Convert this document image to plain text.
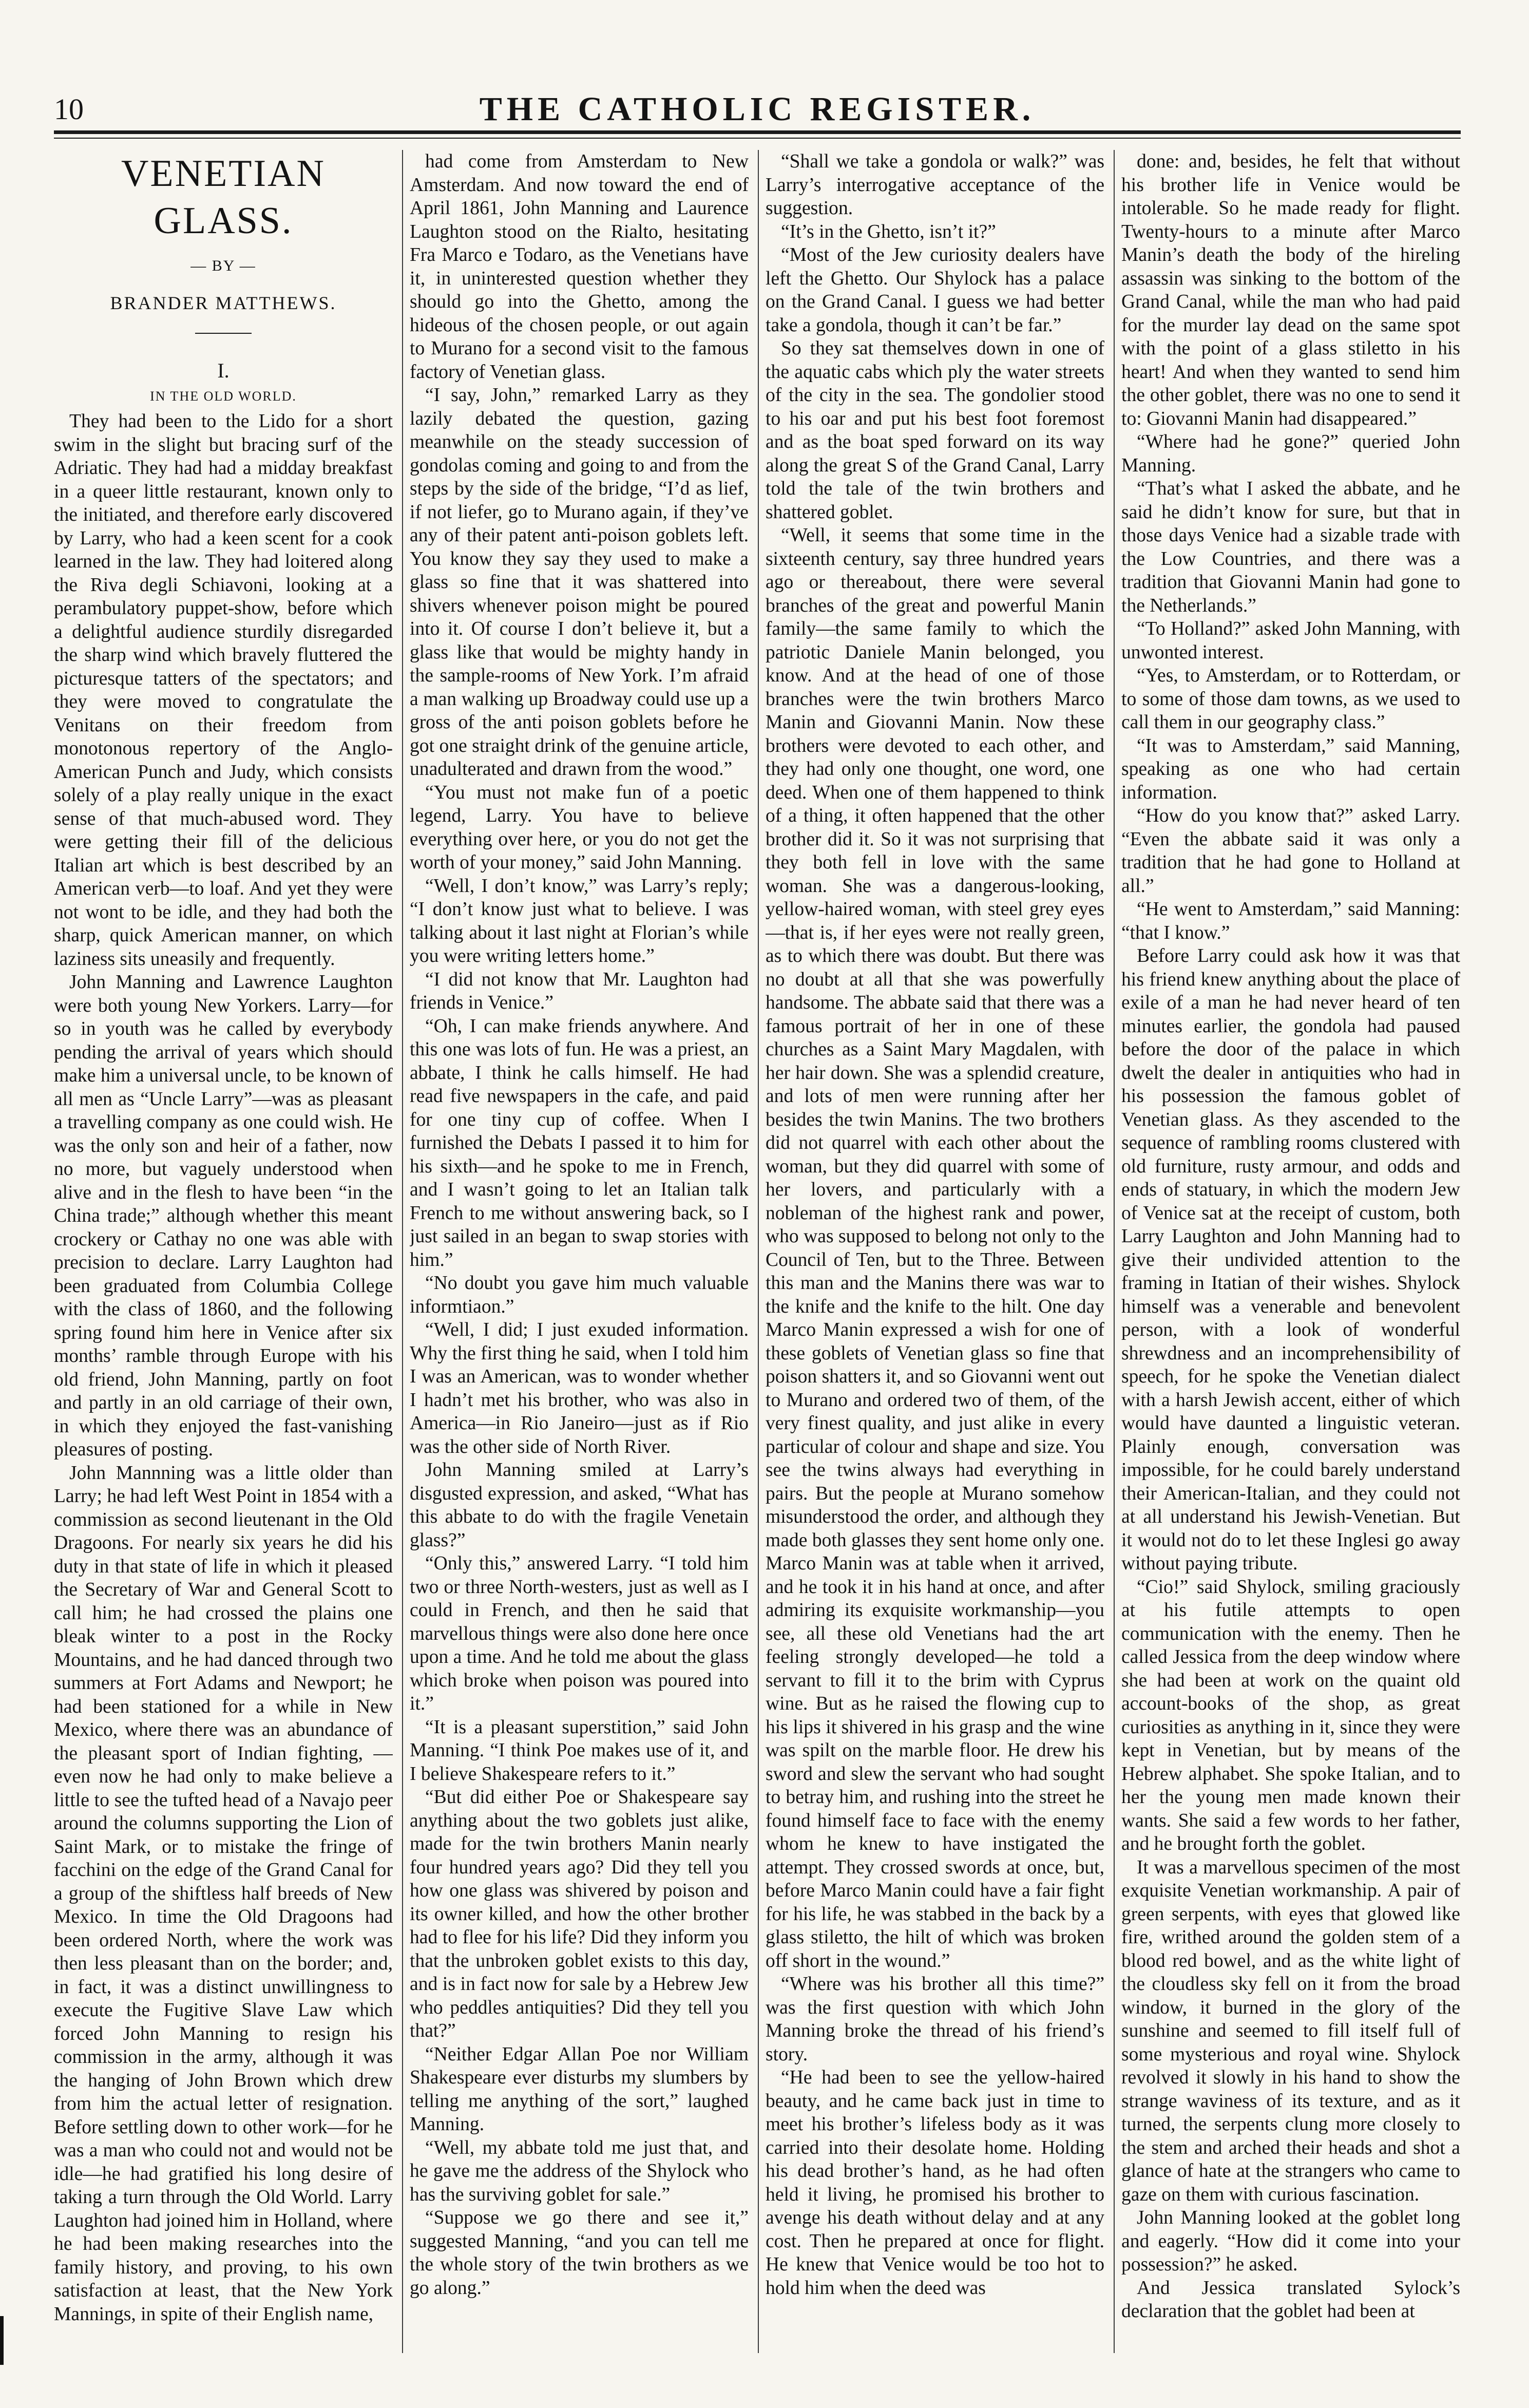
10	THE CATHOLIC REGISTER.
VENETIAN GLASS.
— BY —
BRANDER MATTHEWS.
I.
IN THE OLD WORLD.

They had been to the Lido for a short swim in the slight but bracing surf of the Adriatic. They had had a midday breakfast in a queer little restaurant, known only to the initiated, and therefore early discovered by Larry, who had a keen scent for a cook learned in the law. They had loitered along the Riva degli Schiavoni, looking at a perambulatory puppet-show, before which a delightful audience sturdily disregarded the sharp wind which bravely fluttered the picturesque tatters of the spectators; and they were moved to congratulate the Venitans on their freedom from monotonous repertory of the Anglo-American Punch and Judy, which consists solely of a play really unique in the exact sense of that much-abused word. They were getting their fill of the delicious Italian art which is best described by an American verb—to loaf. And yet they were not wont to be idle, and they had both the sharp, quick American manner, on which laziness sits uneasily and frequently.

John Manning and Lawrence Laughton were both young New Yorkers. Larry—for so in youth was he called by everybody pending the arrival of years which should make him a universal uncle, to be known of all men as “Uncle Larry”—was as pleasant a travelling company as one could wish. He was the only son and heir of a father, now no more, but vaguely understood when alive and in the flesh to have been “in the China trade;” although whether this meant crockery or Cathay no one was able with precision to declare. Larry Laughton had been graduated from Columbia College with the class of 1860, and the following spring found him here in Venice after six months’ ramble through Europe with his old friend, John Manning, partly on foot and partly in an old carriage of their own, in which they enjoyed the fast-vanishing pleasures of posting.

John Mannning was a little older than Larry; he had left West Point in 1854 with a commission as second lieutenant in the Old Dragoons. For nearly six years he did his duty in that state of life in which it pleased the Secretary of War and General Scott to call him; he had crossed the plains one bleak winter to a post in the Rocky Mountains, and he had danced through two summers at Fort Adams and Newport; he had been stationed for a while in New Mexico, where there was an abundance of the pleasant sport of Indian fighting, —even now he had only to make believe a little to see the tufted head of a Navajo peer around the columns supporting the Lion of Saint Mark, or to mistake the fringe of facchini on the edge of the Grand Canal for a group of the shiftless half breeds of New Mexico. In time the Old Dragoons had been ordered North, where the work was then less pleasant than on the border; and, in fact, it was a distinct unwillingness to execute the Fugitive Slave Law which forced John Manning to resign his commission in the army, although it was the hanging of John Brown which drew from him the actual letter of resignation. Before settling down to other work—for he was a man who could not and would not be idle—he had gratified his long desire of taking a turn through the Old World. Larry Laughton had joined him in Holland, where he had been making researches into the family history, and proving, to his own satisfaction at least, that the New York Mannings, in spite of their English name,

had come from Amsterdam to New Amsterdam. And now toward the end of April 1861, John Manning and Laurence Laughton stood on the Rialto, hesitating Fra Marco e Todaro, as the Venetians have it, in uninterested question whether they should go into the Ghetto, among the hideous of the chosen people, or out again to Murano for a second visit to the famous factory of Venetian glass.

“I say, John,” remarked Larry as they lazily debated the question, gazing meanwhile on the steady succession of gondolas coming and going to and from the steps by the side of the bridge, “I’d as lief, if not liefer, go to Murano again, if they’ve any of their patent anti-poison goblets left. You know they say they used to make a glass so fine that it was shattered into shivers whenever poison might be poured into it. Of course I don’t believe it, but a glass like that would be mighty handy in the sample-rooms of New York. I’m afraid a man walking up Broadway could use up a gross of the anti poison goblets before he got one straight drink of the genuine article, unadulterated and drawn from the wood.”

“You must not make fun of a poetic legend, Larry. You have to believe everything over here, or you do not get the worth of your money,” said John Manning.

“Well, I don’t know,” was Larry’s reply; “I don’t know just what to believe. I was talking about it last night at Florian’s while you were writing letters home.”

“I did not know that Mr. Laughton had friends in Venice.”

“Oh, I can make friends anywhere. And this one was lots of fun. He was a priest, an abbate, I think he calls himself. He had read five newspapers in the cafe, and paid for one tiny cup of coffee. When I furnished the Debats I passed it to him for his sixth—and he spoke to me in French, and I wasn’t going to let an Italian talk French to me without answering back, so I just sailed in an began to swap stories with him.”

“No doubt you gave him much valuable informtiaon.”

“Well, I did; I just exuded information. Why the first thing he said, when I told him I was an American, was to wonder whether I hadn’t met his brother, who was also in America—in Rio Janeiro—just as if Rio was the other side of North River.

John Manning smiled at Larry’s disgusted expression, and asked, “What has this abbate to do with the fragile Venetain glass?”

“Only this,” answered Larry. “I told him two or three North-westers, just as well as I could in French, and then he said that marvellous things were also done here once upon a time. And he told me about the glass which broke when poison was poured into it.”

“It is a pleasant superstition,” said John Manning. “I think Poe makes use of it, and I believe Shakespeare refers to it.”

“But did either Poe or Shakespeare say anything about the two goblets just alike, made for the twin brothers Manin nearly four hundred years ago? Did they tell you how one glass was shivered by poison and its owner killed, and how the other brother had to flee for his life? Did they inform you that the unbroken goblet exists to this day, and is in fact now for sale by a Hebrew Jew who peddles antiquities? Did they tell you that?”

“Neither Edgar Allan Poe nor William Shakespeare ever disturbs my slumbers by telling me anything of the sort,” laughed Manning.

“Well, my abbate told me just that, and he gave me the address of the Shylock who has the surviving goblet for sale.”

“Suppose we go there and see it,” suggested Manning, “and you can tell me the whole story of the twin brothers as we go along.”

“Shall we take a gondola or walk?” was Larry’s interrogative acceptance of the suggestion.

“It’s in the Ghetto, isn’t it?”

“Most of the Jew curiosity dealers have left the Ghetto. Our Shylock has a palace on the Grand Canal. I guess we had better take a gondola, though it can’t be far.”

So they sat themselves down in one of the aquatic cabs which ply the water streets of the city in the sea. The gondolier stood to his oar and put his best foot foremost and as the boat sped forward on its way along the great S of the Grand Canal, Larry told the tale of the twin brothers and shattered goblet.

“Well, it seems that some time in the sixteenth century, say three hundred years ago or thereabout, there were several branches of the great and powerful Manin family—the same family to which the patriotic Daniele Manin belonged, you know. And at the head of one of those branches were the twin brothers Marco Manin and Giovanni Manin. Now these brothers were devoted to each other, and they had only one thought, one word, one deed. When one of them happened to think of a thing, it often happened that the other brother did it. So it was not surprising that they both fell in love with the same woman. She was a dangerous-looking, yellow-haired woman, with steel grey eyes—that is, if her eyes were not really green, as to which there was doubt. But there was no doubt at all that she was powerfully handsome. The abbate said that there was a famous portrait of her in one of these churches as a Saint Mary Magdalen, with her hair down. She was a splendid creature, and lots of men were running after her besides the twin Manins. The two brothers did not quarrel with each other about the woman, but they did quarrel with some of her lovers, and particularly with a nobleman of the highest rank and power, who was supposed to belong not only to the Council of Ten, but to the Three. Between this man and the Manins there was war to the knife and the knife to the hilt. One day Marco Manin expressed a wish for one of these goblets of Venetian glass so fine that poison shatters it, and so Giovanni went out to Murano and ordered two of them, of the very finest quality, and just alike in every particular of colour and shape and size. You see the twins always had everything in pairs. But the people at Murano somehow misunderstood the order, and although they made both glasses they sent home only one. Marco Manin was at table when it arrived, and he took it in his hand at once, and after admiring its exquisite workmanship—you see, all these old Venetians had the art feeling strongly developed—he told a servant to fill it to the brim with Cyprus wine. But as he raised the flowing cup to his lips it shivered in his grasp and the wine was spilt on the marble floor. He drew his sword and slew the servant who had sought to betray him, and rushing into the street he found himself face to face with the enemy whom he knew to have instigated the attempt. They crossed swords at once, but, before Marco Manin could have a fair fight for his life, he was stabbed in the back by a glass stiletto, the hilt of which was broken off short in the wound.”

“Where was his brother all this time?” was the first question with which John Manning broke the thread of his friend’s story.

“He had been to see the yellow-haired beauty, and he came back just in time to meet his brother’s lifeless body as it was carried into their desolate home. Holding his dead brother’s hand, as he had often held it living, he promised his brother to avenge his death without delay and at any cost. Then he prepared at once for flight. He knew that Venice would be too hot to hold him when the deed was

done: and, besides, he felt that without his brother life in Venice would be intolerable. So he made ready for flight. Twenty-hours to a minute after Marco Manin’s death the body of the hireling assassin was sinking to the bottom of the Grand Canal, while the man who had paid for the murder lay dead on the same spot with the point of a glass stiletto in his heart! And when they wanted to send him the other goblet, there was no one to send it to: Giovanni Manin had disappeared.”

“Where had he gone?” queried John Manning.

“That’s what I asked the abbate, and he said he didn’t know for sure, but that in those days Venice had a sizable trade with the Low Countries, and there was a tradition that Giovanni Manin had gone to the Netherlands.”

“To Holland?” asked John Manning, with unwonted interest.

“Yes, to Amsterdam, or to Rotterdam, or to some of those dam towns, as we used to call them in our geography class.”

“It was to Amsterdam,” said Manning, speaking as one who had certain information.

“How do you know that?” asked Larry. “Even the abbate said it was only a tradition that he had gone to Holland at all.”

“He went to Amsterdam,” said Manning: “that I know.”

Before Larry could ask how it was that his friend knew anything about the place of exile of a man he had never heard of ten minutes earlier, the gondola had paused before the door of the palace in which dwelt the dealer in antiquities who had in his possession the famous goblet of Venetian glass. As they ascended to the sequence of rambling rooms clustered with old furniture, rusty armour, and odds and ends of statuary, in which the modern Jew of Venice sat at the receipt of custom, both Larry Laughton and John Manning had to give their undivided attention to the framing in Itatian of their wishes. Shylock himself was a venerable and benevolent person, with a look of wonderful shrewdness and an incomprehensibility of speech, for he spoke the Venetian dialect with a harsh Jewish accent, either of which would have daunted a linguistic veteran. Plainly enough, conversation was impossible, for he could barely understand their American-Italian, and they could not at all understand his Jewish-Venetian. But it would not do to let these Inglesi go away without paying tribute.

“Cio!” said Shylock, smiling graciously at his futile attempts to open communication with the enemy. Then he called Jessica from the deep window where she had been at work on the quaint old account-books of the shop, as great curiosities as anything in it, since they were kept in Venetian, but by means of the Hebrew alphabet. She spoke Italian, and to her the young men made known their wants. She said a few words to her father, and he brought forth the goblet.

It was a marvellous specimen of the most exquisite Venetian workmanship. A pair of green serpents, with eyes that glowed like fire, writhed around the golden stem of a blood red bowel, and as the white light of the cloudless sky fell on it from the broad window, it burned in the glory of the sunshine and seemed to fill itself full of some mysterious and royal wine. Shylock revolved it slowly in his hand to show the strange waviness of its texture, and as it turned, the serpents clung more closely to the stem and arched their heads and shot a glance of hate at the strangers who came to gaze on them with curious fascination.

John Manning looked at the goblet long and eagerly. “How did it come into your possession?” he asked.

And Jessica translated Sylock’s declaration that the goblet had been at
